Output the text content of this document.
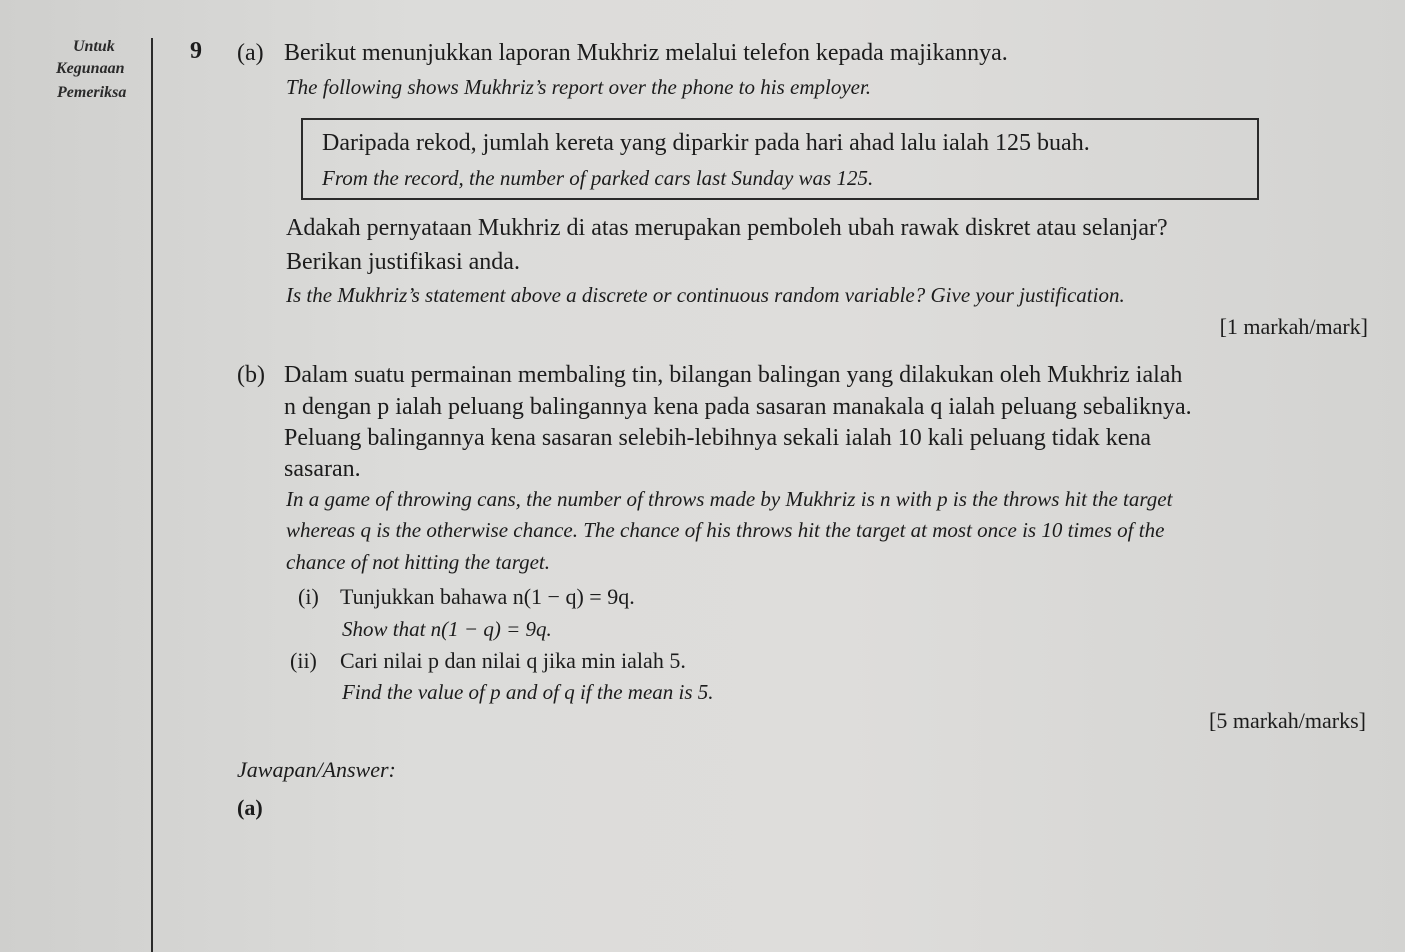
Untuk
Kegunaan
Pemeriksa
9 (a) Berikut menunjukkan laporan Mukhriz melalui telefon kepada majikannya.
The following shows Mukhriz’s report over the phone to his employer.
Daripada rekod, jumlah kereta yang diparkir pada hari ahad lalu ialah 125 buah.
From the record, the number of parked cars last Sunday was 125.
Adakah pernyataan Mukhriz di atas merupakan pemboleh ubah rawak diskret atau selanjar?
Berikan justifikasi anda.
Is the Mukhriz’s statement above a discrete or continuous random variable? Give your justification.
[1 markah/mark]
(b) Dalam suatu permainan membaling tin, bilangan balingan yang dilakukan oleh Mukhriz ialah
n dengan p ialah peluang balingannya kena pada sasaran manakala q ialah peluang sebaliknya.
Peluang balingannya kena sasaran selebih-lebihnya sekali ialah 10 kali peluang tidak kena
sasaran.
In a game of throwing cans, the number of throws made by Mukhriz is n with p is the throws hit the target
whereas q is the otherwise chance. The chance of his throws hit the target at most once is 10 times of the
chance of not hitting the target.
(i) Tunjukkan bahawa n(1 − q) = 9q.
Show that n(1 − q) = 9q.
(ii) Cari nilai p dan nilai q jika min ialah 5.
Find the value of p and of q if the mean is 5.
[5 markah/marks]
Jawapan/Answer:
(a)
